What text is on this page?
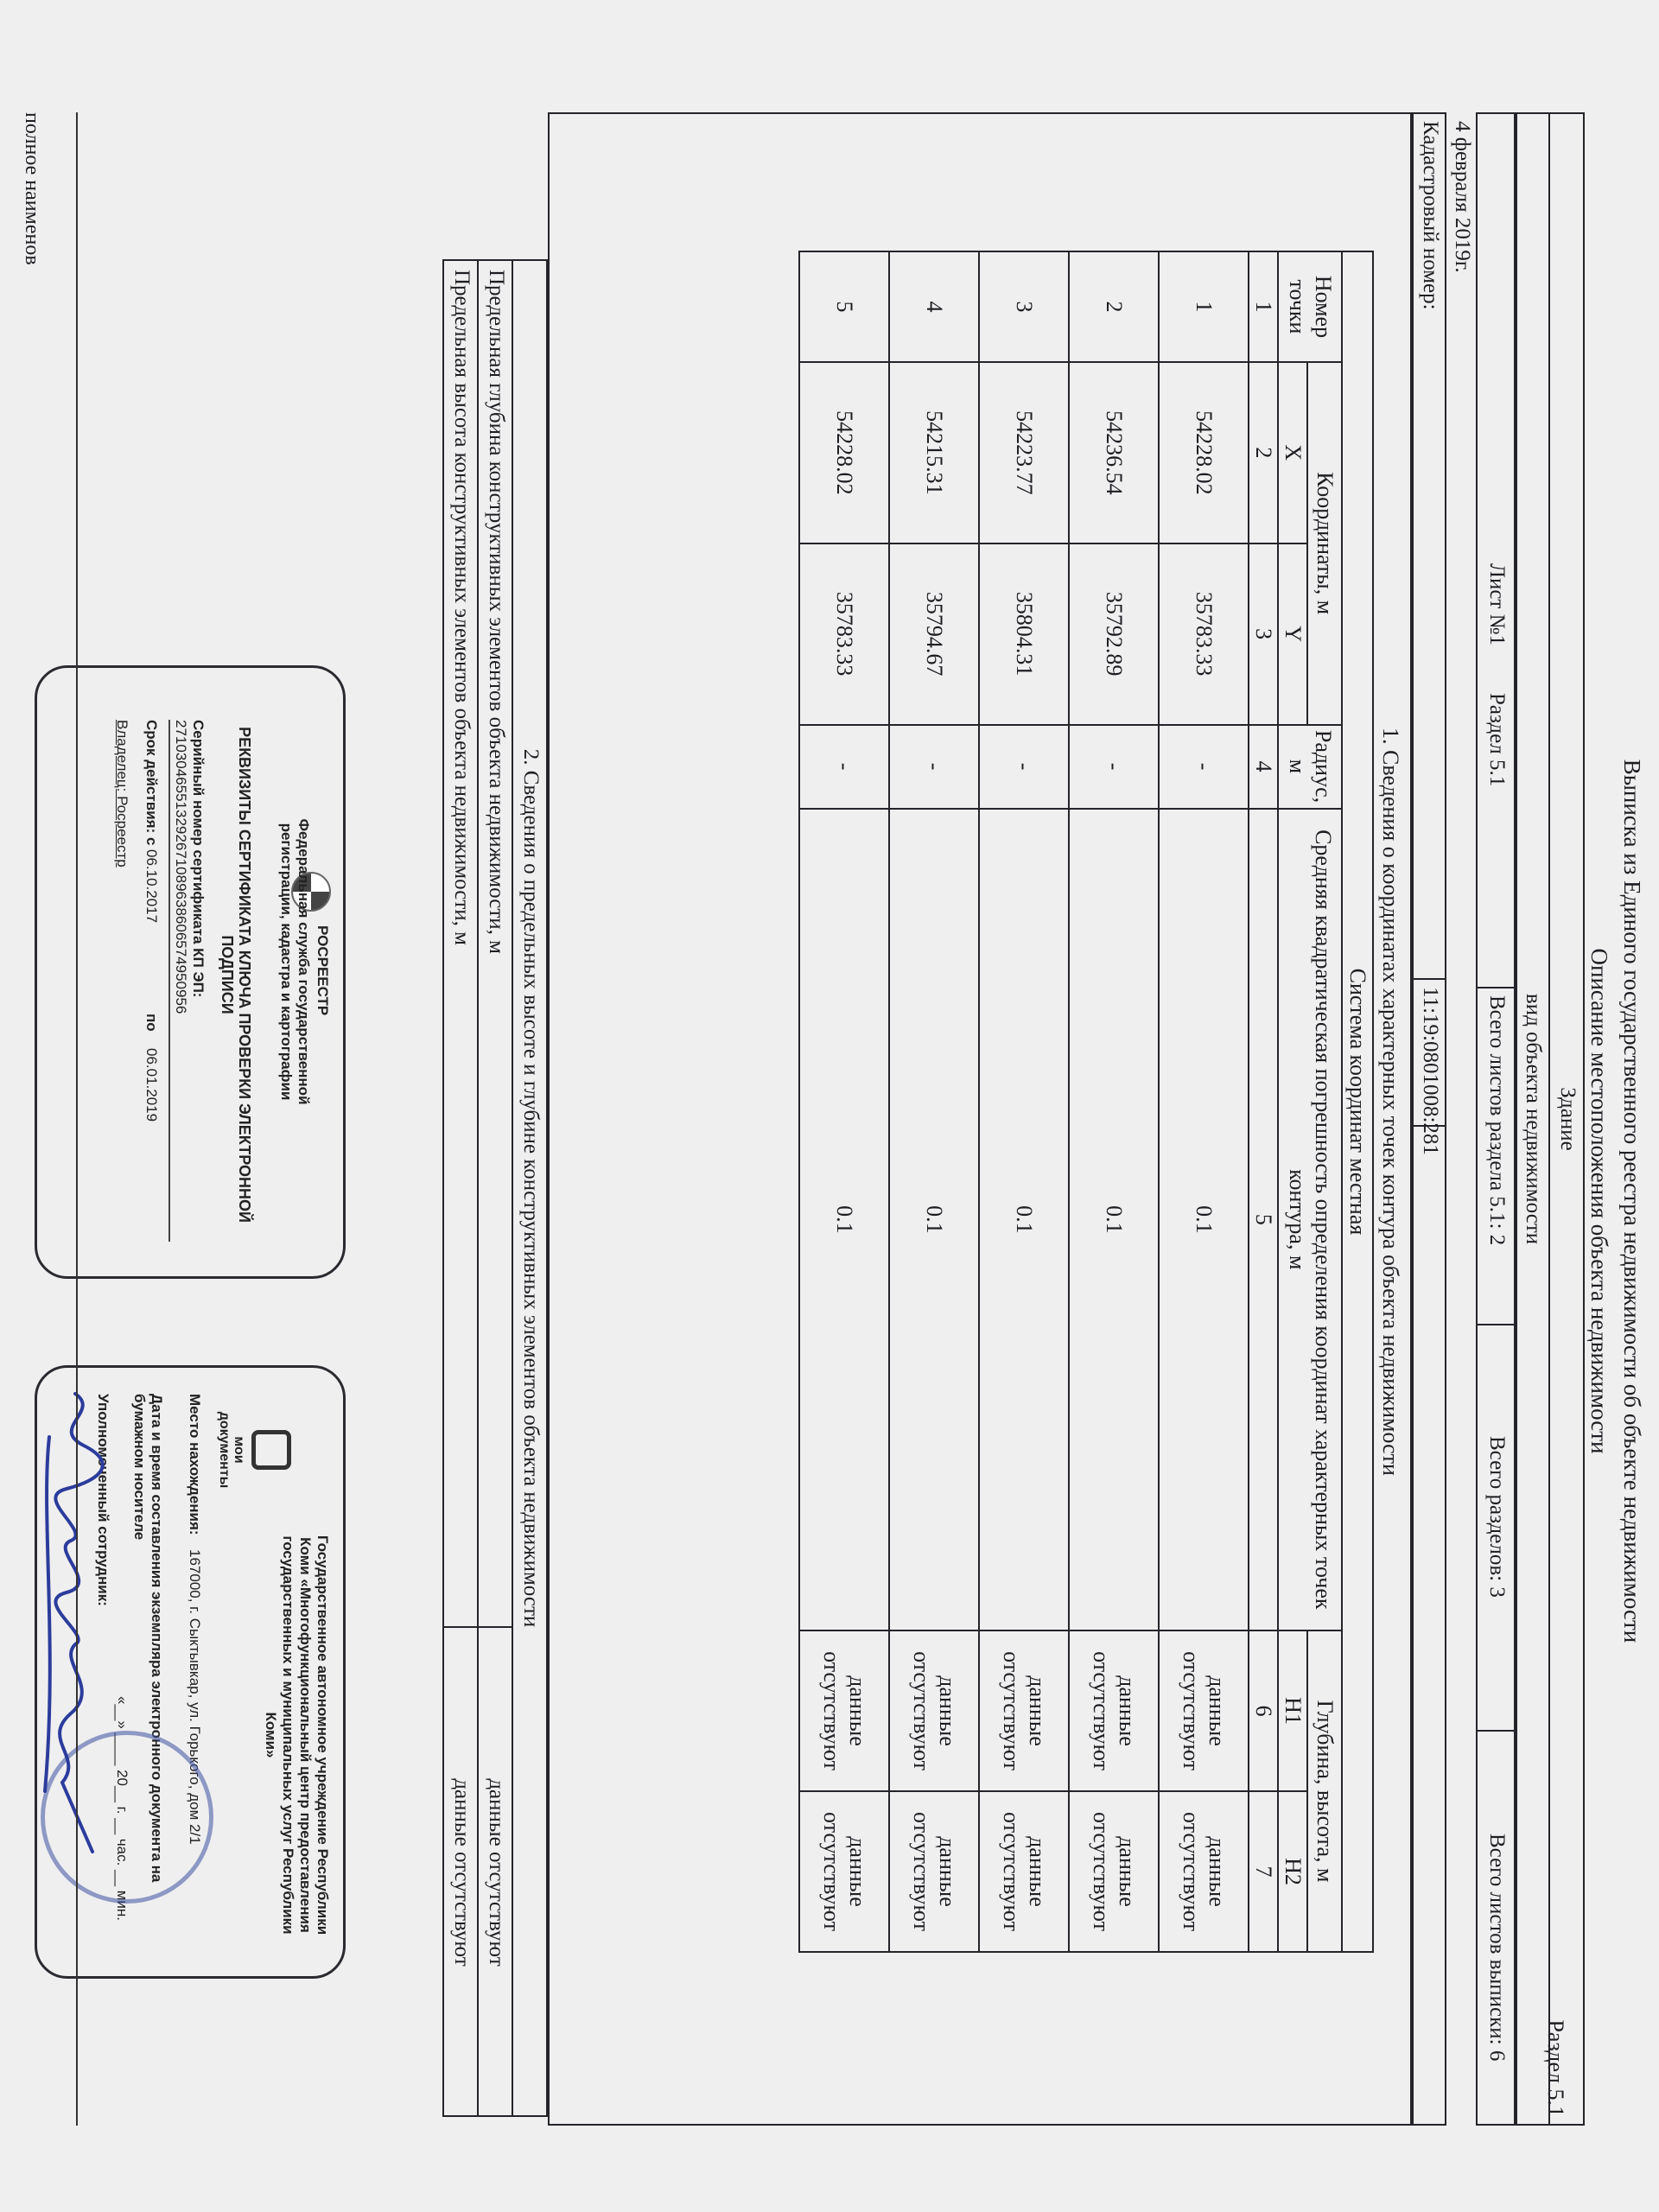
Раздел 5.1
Выписка из Единого государственного реестра недвижимости об объекте недвижимости
Описание местоположения объекта недвижимости
Здание
вид объекта недвижимости
Лист №1
Раздел 5.1
Всего листов раздела 5.1: 2
Всего разделов: 3
Всего листов выписки: 6
4 февраля 2019г.
Кадастровый номер:
11:19:0801008:281
1. Сведения о координатах характерных точек контура объекта недвижимости
Система координат местная						
Номер точки	Координаты, м		Радиус, м	Средняя квадратическая погрешность определения координат характерных точек контура, м	Глубина, высота, м	
	X	Y			Н1	Н2
1	2	3	4	5	6	7
1	54228.02	35783.33	-	0.1	данные отсутствуют	данные отсутствуют
2	54236.54	35792.89	-	0.1	данные отсутствуют	данные отсутствуют
3	54223.77	35804.31	-	0.1	данные отсутствуют	данные отсутствуют
4	54215.31	35794.67	-	0.1	данные отсутствуют	данные отсутствуют
5	54228.02	35783.33	-	0.1	данные отсутствуют	данные отсутствуют
2. Сведения о предельных высоте и глубине конструктивных элементов объекта недвижимости
Предельная глубина конструктивных элементов объекта недвижимости, м
данные отсутствуют
Предельная высота конструктивных элементов объекта недвижимости, м
данные отсутствуют
РОСРЕЕСТР
Федеральная служба государственной регистрации, кадастра и картографии
РЕКВИЗИТЫ СЕРТИФИКАТА КЛЮЧА ПРОВЕРКИ ЭЛЕКТРОННОЙ ПОДПИСИ
Серийный номер сертификата КП ЭП:
271030465513292671089638606574950956
Срок действия: с
06.10.2017
по
06.01.2019
Владелец: Росреестр
мои документы
Государственное автономное учреждение Республики Коми «Многофункциональный центр предоставления государственных и муниципальных услуг Республики Коми»
Место нахождения:
167000, г. Сыктывкар, ул. Горького, дом 2/1
Дата и время составления экземпляра электронного документа на бумажном носителе
«__» ____ 20__ г. __ час. __ мин.
Уполномоченный сотрудник:
полное наименов
